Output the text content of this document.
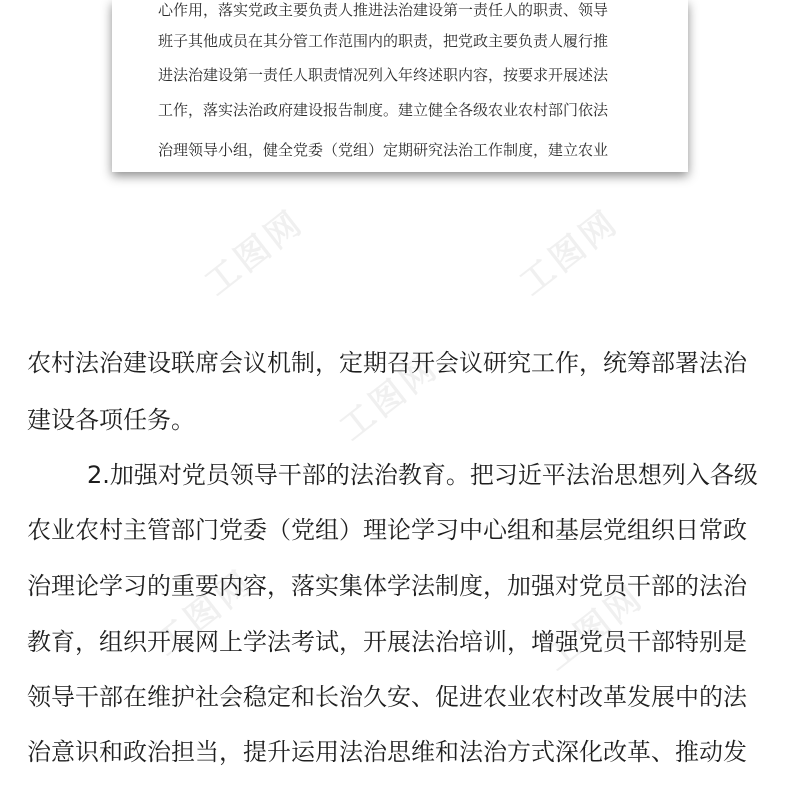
心作用，落实党政主要负责人推进法治建设第一责任人的职责、领导
班子其他成员在其分管工作范围内的职责，把党政主要负责人履行推
进法治建设第一责任人职责情况列入年终述职内容，按要求开展述法
工作，落实法治政府建设报告制度。建立健全各级农业农村部门依法
治理领导小组，健全党委（党组）定期研究法治工作制度，建立农业
工图网	工图网
工图网
工图网	工图网
农村法治建设联席会议机制，定期召开会议研究工作，统筹部署法治
建设各项任务。
2.加强对党员领导干部的法治教育。把习近平法治思想列入各级
农业农村主管部门党委（党组）理论学习中心组和基层党组织日常政
治理论学习的重要内容，落实集体学法制度，加强对党员干部的法治
教育，组织开展网上学法考试，开展法治培训，增强党员干部特别是
领导干部在维护社会稳定和长治久安、促进农业农村改革发展中的法
治意识和政治担当，提升运用法治思维和法治方式深化改革、推动发
